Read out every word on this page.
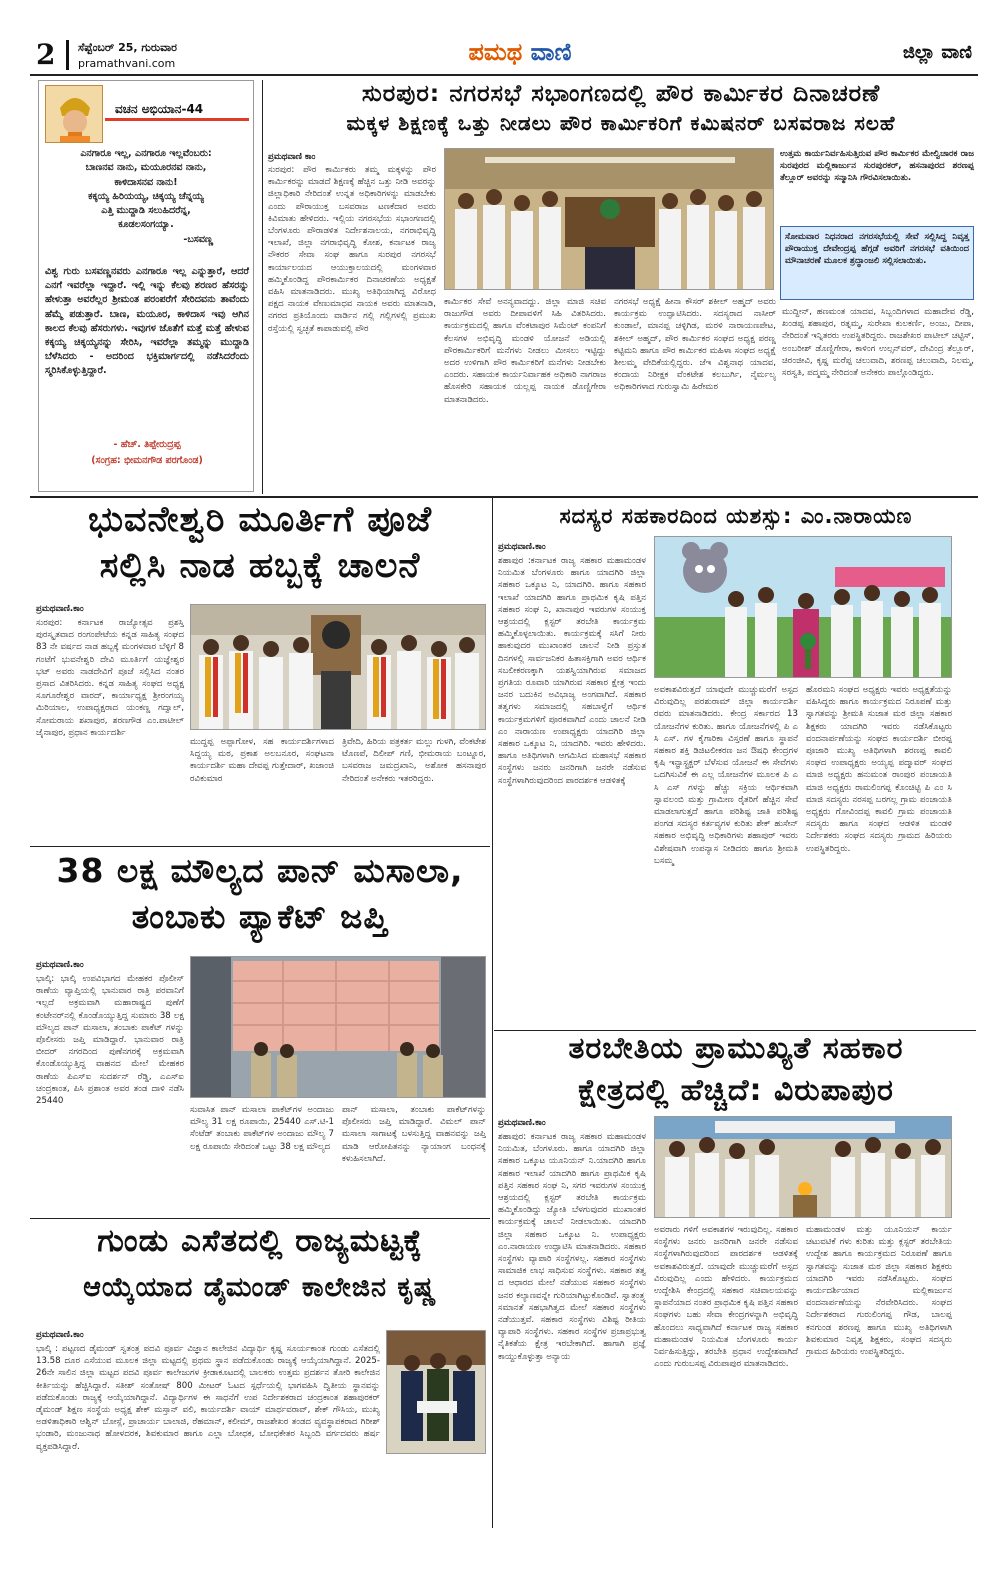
2 ಸೆಪ್ಟೆಂಬರ್ 25, ಗುರುವಾರ
pramathvani.com	ಪಮಥ ವಾಣಿ	ಜಿಲ್ಲಾ ವಾಣಿ
ವಚನ ಅಭಿಯಾನ-44
ಎನಗಾರೂ ಇಲ್ಲ, ಎನಗಾರೂ ಇಲ್ಲವೆಂಬರು:
ಬಾಣನವ ನಾನು, ಮಯೂರನವ ನಾನು,
ಕಾಳಿದಾಸನವ ನಾನು!
ಕಕ್ಕಯ್ಯ ಹಿರಿಯಯ್ಯ, ಚಿಕ್ಕಯ್ಯ ಚೆನ್ನಯ್ಯ
ಎತ್ತಿ ಮುದ್ದಾಡಿ ಸಲುಹಿದರೆನ್ನ,
ಕೂಡಲಸಂಗಯ್ಯಾ.
-ಬಸವಣ್ಣ
ವಿಶ್ವ ಗುರು ಬಸವಣ್ಣನವರು ಎನಗಾರೂ ಇಲ್ಲ ಎನ್ನುತ್ತಾರೆ, ಆದರೆ ಎನಗೆ ಇವರೆಲ್ಲಾ ಇದ್ದಾರೆ. ಇಲ್ಲಿ ಇನ್ನು ಕೆಲವು ಶರಣರ ಹೆಸರನ್ನು ಹೇಳುತ್ತಾ ಅವರೆಲ್ಲರ ಶ್ರೀಮಂತ ಪರಂಪರೆಗೆ ಸೇರಿದವನು ತಾವೆಂದು ಹೆಮ್ಮೆ ಪಡುತ್ತಾರೆ. ಬಾಣ, ಮಯೂರ, ಕಾಳಿದಾಸ ಇವು ಆಗಿನ ಕಾಲದ ಕೆಲವು ಹೆಸರುಗಳು. ಇವುಗಳ ಜೊತೆಗೆ ಮತ್ತೆ ಮತ್ತೆ ಹೇಳುವ ಕಕ್ಕಯ್ಯ ಚಿಕ್ಕಯ್ಯನನ್ನು ಸೇರಿಸಿ, ಇವರೆಲ್ಲಾ ತಮ್ಮನ್ನು ಮುದ್ದಾಡಿ ಬೆಳೆಸಿದರು - ಅದರಿಂದ ಭಕ್ತಿಮಾರ್ಗದಲ್ಲಿ ನಡೆಸಿದರೆಂದು ಸ್ಮರಿಸಿಕೊಳ್ಳುತ್ತಿದ್ದಾರೆ.
- ಹೆಚ್. ತಿಪ್ಪೇರುದ್ರಪ್ಪ
(ಸಂಗ್ರಹ: ಭೀಮನಗೌಡ ಪರಗೊಂಡ)
ಸುರಪುರ: ನಗರಸಭೆ ಸಭಾಂಗಣದಲ್ಲಿ ಪೌರ ಕಾರ್ಮಿಕರ ದಿನಾಚರಣೆ
ಮಕ್ಕಳ ಶಿಕ್ಷಣಕ್ಕೆ ಒತ್ತು ನೀಡಲು ಪೌರ ಕಾರ್ಮಿಕರಿಗೆ ಕಮಿಷನರ್ ಬಸವರಾಜ ಸಲಹೆ
ಪ್ರಮಥವಾಣಿ ಕಾಂ
ಸುರಪುರ: ಪೌರ ಕಾರ್ಮಿಕರು ತಮ್ಮ ಮಕ್ಕಳನ್ನು ಪೌರ ಕಾರ್ಮಿಕರನ್ನು ಮಾಡದೆ ಶಿಕ್ಷಣಕ್ಕೆ ಹೆಚ್ಚಿನ ಒತ್ತು ನೀಡಿ ಅವರನ್ನು ಜಿಲ್ಲಾಧಿಕಾರಿ ನೇರಿದಂತೆ ಉನ್ನತ ಅಧಿಕಾರಿಗಳನ್ನು ಮಾಡಬೇಕು ಎಂದು ಪೌರಾಯುಕ್ತ ಬಸವರಾಜ ಟಣಕೆದಾರ ಅವರು ಕಿವಿಮಾತು ಹೇಳಿದರು. ಇಲ್ಲಿಯ ನಗರಸಭೆಯ ಸಭಾಂಗಣದಲ್ಲಿ ಬೆಂಗಳೂರು ಪೌರಾಡಳಿತ ನಿರ್ದೇಶನಾಲಯ, ನಗರಾಭಿವೃದ್ಧಿ ಇಲಾಖೆ, ಜಿಲ್ಲಾ ನಗರಾಭಿವೃದ್ಧಿ ಕೋಶ, ಕರ್ನಾಟಕ ರಾಜ್ಯ ನೌಕರರ ಸೇವಾ ಸಂಘ ಹಾಗೂ ಸುರಪುರ ನಗರಸಭೆ ಕಾರ್ಯಾಲಯದ ಆಯುಕ್ತಾಲಯದಲ್ಲಿ ಮಂಗಳವಾರ ಹಮ್ಮಿಕೊಂಡಿದ್ದ ಪೌರಕಾರ್ಮಿಕರ ದಿನಾಚರಣೆಯ ಅಧ್ಯಕ್ಷತೆ ವಹಿಸಿ ಮಾತನಾಡಿದರು. ಮುಖ್ಯ ಅತಿಥಿಯಾಗಿದ್ದ ವಿರೋಧ ಪಕ್ಷದ ನಾಯಕ ವೇಣುಮಾಧವ ನಾಯಕ ಅವರು ಮಾತನಾಡಿ, ನಗರದ ಪ್ರತಿಯೊಂದು ವಾರ್ಡಿನ ಗಲ್ಲಿ ಗಲ್ಲಿಗಳಲ್ಲಿ ಪ್ರಮುಖ ರಸ್ತೆಯಲ್ಲಿ ಸ್ವಚ್ಛತೆ ಕಾಪಾಡುವಲ್ಲಿ ಪೌರ
ಉತ್ತಮ ಕಾರ್ಯನಿರ್ವಹಿಸುತ್ತಿರುವ ಪೌರ ಕಾರ್ಮಿಕರ ಮೇಲ್ವಿಚಾರಕ ರಾಜ ಸುರಪುರದ ಮಲ್ಲಿಕಾರ್ಜುನ ಸುರಪುರಕರ್, ಹಸನಾಪುರದ ಶರಣಪ್ಪ ತೆಲ್ಲೂರ್ ಅವರನ್ನು ಸನ್ಮಾನಿಸಿ ಗೌರವಿಸಲಾಯಿತು.
ಸೋಮವಾರ ನಿಧನರಾದ ನಗರಸಭೆಯಲ್ಲಿ ಸೇವೆ ಸಲ್ಲಿಸಿದ್ದ ನಿವೃತ್ತ ಪೌರಾಯುಕ್ತ ದೇವೇಂದ್ರಪ್ಪ ಹೆಗ್ಗಡೆ ಅವರಿಗೆ ನಗರಸಭೆ ವತಿಯಿಂದ ಮೌನಾಚರಣೆ ಮೂಲಕ ಶ್ರದ್ಧಾಂಜಲಿ ಸಲ್ಲಿಸಲಾಯಿತು.
ಕಾರ್ಮಿಕರ ಸೇವೆ ಅನನ್ಯವಾದದ್ದು. ಜಿಲ್ಲಾ ಮಾಜಿ ಸಚಿವ ರಾಜುಗೌಡ ಅವರು ದೀಪಾವಳಿಗೆ ಸಿಹಿ ವಿತರಿಸಿದರು. ಕಾರ್ಯಕ್ರಮದಲ್ಲಿ ಹಾಗೂ ವೆಂಕಟಾಪುರ ಸಿಮೆಂಟ್ ಕಂಪನಿಗೆ ಕೆಲಸಗಳ ಅಭಿವೃದ್ಧಿ ಮಂಡಳಿ ಯೋಜನೆ ಅಡಿಯಲ್ಲಿ ಪೌರಕಾರ್ಮಿಕರಿಗೆ ಮನೆಗಳು ನೀಡಲು ಮೀಸಲು ಇಟ್ಟಿದ್ದು ಅದರ ಉಳಿಗಾಗಿ ಪೌರ ಕಾರ್ಮಿಕರಿಗೆ ಮನೆಗಳು ನೀಡಬೇಕು ಎಂದರು. ಸಹಾಯಕ ಕಾರ್ಯನಿರ್ವಾಹಕ ಅಧಿಕಾರಿ ನಾಗರಾಜ ಹೊಸಕೇರಿ ಸಹಾಯಕ ಯಲ್ಲಪ್ಪ ನಾಯಕ ಡೊಣ್ಣಿಗೇರಾ ಮಾತನಾಡಿದರು.
ನಗರಸಭೆ ಅಧ್ಯಕ್ಷೆ ಹೀನಾ ಕೌಸರ್ ಶಕೀಲ್ ಅಹ್ಮದ್ ಅವರು ಕಾರ್ಯಕ್ರಮ ಉದ್ಘಾಟಿಸಿದರು. ಸದಸ್ಯರಾದ ನಾಸೀರ್ ಕುಂಡಾಲೆ, ಮಾನಪ್ಪ ಚಳ್ಳಿಗಿಡ, ಮರಳಿ ನಾರಾಯಣಪೇಟ, ಶಕೀಲ್ ಅಹ್ಮದ್, ಪೌರ ಕಾರ್ಮಿಕರ ಸಂಘದ ಅಧ್ಯಕ್ಷ ಪರಣ್ಣ ಕಟ್ಟಿಮನಿ ಹಾಗೂ ಪೌರ ಕಾರ್ಮಿಕರ ಮಹಿಳಾ ಸಂಘದ ಅಧ್ಯಕ್ಷೆ ಶೀಲಮ್ಮ ವೇದಿಕೆಯಲ್ಲಿದ್ದರು. ಜೆಇ ವಿಶ್ವನಾಥ ಯಾದವ, ಕಂದಾಯ ನಿರೀಕ್ಷಕ ವೆಂಕಟೇಶ ಕಲಬುರ್ಗಿ, ನೈರ್ಮಲ್ಯ ಅಧಿಕಾರಿಗಳಾದ ಗುರುಸ್ವಾಮಿ ಹಿರೇಮಠ
ಮುದ್ದೀನ್, ಹಣಮಂತ ಯಾದವ, ಸಿಬ್ಬಂದಿಗಳಾದ ಮಹಾದೇವ ರೆಡ್ಡಿ, ಖಂಡಪ್ಪ ಶಹಾಪುರ, ರತ್ನಮ್ಮ, ಸುರೇಖಾ ಕುಲಕರ್ಣಿ, ಅಂಜು, ದೀಪಾ, ನೇರಿದಂತೆ ಇನ್ನಿತರರು ಉಪಸ್ಥಿತರಿದ್ದರು. ರಾಜಶೇಖರ ಪಾಟೀಲ್ ಚಟ್ಟಿಸ್, ಅಂಬರೀಶ್ ಡೊಣ್ಣಿಗೇರಾ, ಕಾಳಿಂಗ ಉಲ್ಸನ್‌ವರ್, ದೇವಿಂದ್ರ ತೆಲ್ಲೂರ್, ಚಿರಂಜೀವಿ, ಕೃಷ್ಣ ಮರೆಪ್ಪ ಚಲುವಾದಿ, ಶರಣಪ್ಪ ಚಲುವಾದಿ, ನಿಲಮ್ಮ, ಸರಸ್ವತಿ, ಪದ್ಮಮ್ಮ ನೇರಿದಂತೆ ಅನೇಕರು ಪಾಲ್ಗೊಂಡಿದ್ದರು.
ಭುವನೇಶ್ವರಿ ಮೂರ್ತಿಗೆ ಪೂಜೆ
ಸಲ್ಲಿಸಿ ನಾಡ ಹಬ್ಬಕ್ಕೆ ಚಾಲನೆ
ಪ್ರಮಥವಾಣಿ.ಕಾಂ
ಸುರಪುರ: ಕರ್ನಾಟಕ ರಾಜ್ಯೋತ್ಸವ ಪ್ರಶಸ್ತಿ ಪುರಸ್ಕೃತವಾದ ರಂಗಂಪೇಟೆಯ ಕನ್ನಡ ಸಾಹಿತ್ಯ ಸಂಘದ 83 ನೇ ವರ್ಷದ ನಾಡ ಹಬ್ಬಕ್ಕೆ ಮಂಗಳವಾರ ಬೆಳ್ಳಿಗೆ 8 ಗಂಟೆಗೆ ಭುವನೇಶ್ವರಿ ದೇವಿ ಮೂರ್ತಿಗೆ ಯಜ್ಞೇಶ್ವರ ಭಟ್ ಅವರು ನಾಡದೇವಿಗೆ ಪೂಜೆ ಸಲ್ಲಿಸಿದ ನಂತರ ಪ್ರಸಾದ ವಿತರಿಸಿದರು. ಕನ್ನಡ ಸಾಹಿತ್ಯ ಸಂಘದ ಅಧ್ಯಕ್ಷ ಸೂಗೂರೇಶ್ವರ ವಾರದ್, ಕಾರ್ಯಾಧ್ಯಕ್ಷ ಶ್ರೀರಂಗಯ್ಯ ಮಿರಿಯಾಲ, ಉಪಾಧ್ಯಕ್ಷರಾದ ಯಂಕಣ್ಣ ಗದ್ವಾಲ್, ಸೋಮರಾಯ ಶಖಾಪುರ, ಶರಣಗೌಡ ಎಂ.ಪಾಟೀಲ್ ಜೈನಾಪುರ, ಪ್ರಧಾನ ಕಾರ್ಯದರ್ಶಿ
ಮುದ್ದಪ್ಪ ಅಪ್ಪಾಗೋಳ, ಸಹ ಕಾರ್ಯದರ್ಶಿಗಳಾದ ಸಿದ್ದಯ್ಯ ಮಠ, ಪ್ರಕಾಶ ಅಲಬನೂರ, ಸಂಘಟನಾ ಕಾರ್ಯದರ್ಶಿ ಮಹಾ ದೇವಪ್ಪ ಗುತ್ತೇದಾರ್, ಖಜಾಂಚಿ ರವಿಕುಮಾರ
ತ್ರಿವೇದಿ, ಹಿರಿಯ ಪತ್ರಕರ್ತ ಮಲ್ಲು ಗುಳಗಿ, ವೆಂಕಟೇಶ ಟೊಣಪೆ, ದಿಲೀಪ್ ಗಣಿ, ಭೀಮರಾಯ ಬಂಟ್ನೂರ, ಬಸವರಾಜ ಜಮದ್ರಖಾನಿ, ಅಶೋಕ ಹಸನಾಪುರ ನೇರಿದಂತೆ ಅನೇಕರು ಇತರರಿದ್ದರು.
38 ಲಕ್ಷ ಮೌಲ್ಯದ ಪಾನ್ ಮಸಾಲಾ,
ತಂಬಾಕು ಪ್ಯಾಕೆಟ್ ಜಪ್ತಿ
ಪ್ರಮಥವಾಣಿ.ಕಾಂ
ಭಾಲ್ಕಿ: ಭಾಲ್ಕಿ ಉಪವಿಭಾಗದ ಮೇಹಕರ ಪೊಲೀಸ್ ಠಾಣೆಯ ವ್ಯಾಪ್ತಿಯಲ್ಲಿ ಭಾನುವಾರ ರಾತ್ರಿ ಪರವಾನಿಗೆ ಇಲ್ಲದೆ ಅಕ್ರಮವಾಗಿ ಮಹಾರಾಷ್ಟ್ರದ ಪುಣೆಗೆ ಕಂಟೇನರ್‌ನಲ್ಲಿ ಕೊಂಡೊಯ್ಯುತ್ತಿದ್ದ ಸುಮಾರು 38 ಲಕ್ಷ ಮೌಲ್ಯದ ಪಾನ್ ಮಸಾಲಾ, ತಂಬಾಕು ಪಾಕೆಟ್ ಗಳನ್ನು ಪೊಲೀಸರು ಜಪ್ತಿ ಮಾಡಿದ್ದಾರೆ. ಭಾನುವಾರ ರಾತ್ರಿ ಬೀದರ್ ನಗರದಿಂದ ಪುಣೆನಗರಕ್ಕೆ ಅಕ್ರಮವಾಗಿ ಕೊಂಡೊಯ್ಯುತ್ತಿದ್ದ ವಾಹನದ ಮೇಲೆ ಮೇಹಕರ ಠಾಣೆಯ ಪಿಎಸ್ಐ ಸುದರ್ಶನ್ ರೆಡ್ಡಿ, ಎಎಸ್ಐ ಚಂದ್ರಕಾಂತ, ಪಿಸಿ ಪ್ರಶಾಂತ ಅವರ ತಂಡ ದಾಳಿ ನಡೆಸಿ 25440
ಸುವಾಸಿತ ಪಾನ್ ಮಸಾಲಾ ಪಾಕೆಟ್‌ಗಳ ಅಂದಾಜು ಮೌಲ್ಯ 31 ಲಕ್ಷ ರೂಪಾಯಿ, 25440 ಎಸ್.ಟಿ-1 ಸೆಂಟೆಡ್ ತಂಬಾಕು ಪಾಕೆಟ್‌ಗಳ ಅಂದಾಜು ಮೌಲ್ಯ 7 ಲಕ್ಷ ರೂಪಾಯಿ ಸೇರಿದಂತೆ ಒಟ್ಟು 38 ಲಕ್ಷ ಮೌಲ್ಯದ
ಪಾನ್ ಮಸಾಲಾ, ತಂಬಾಕು ಪಾಕೆಟ್‌ಗಳನ್ನು ಪೊಲೀಸರು ಜಪ್ತಿ ಮಾಡಿದ್ದಾರೆ. ವಿಮಲ್ ಪಾನ್ ಮಸಾಲಾ ಸಾಗಾಟಕ್ಕೆ ಬಳಸುತ್ತಿದ್ದ ವಾಹನವನ್ನು ಜಪ್ತಿ ಮಾಡಿ ಆರೋಪಿತನನ್ನು ನ್ಯಾಯಾಂಗ ಬಂಧನಕ್ಕೆ ಕಳುಹಿಸಲಾಗಿದೆ.
ಗುಂಡು ಎಸೆತದಲ್ಲಿ ರಾಜ್ಯಮಟ್ಟಕ್ಕೆ
ಆಯ್ಕೆಯಾದ ಡೈಮಂಡ್ ಕಾಲೇಜಿನ ಕೃಷ್ಣ
ಪ್ರಮಥವಾಣಿ.ಕಾಂ
ಭಾಲ್ಕಿ : ಪಟ್ಟಣದ ಡೈಮಂಡ್ ಸ್ವತಂತ್ರ ಪದವಿ ಪೂರ್ವ ವಿಜ್ಞಾನ ಕಾಲೇಜಿನ ವಿದ್ಯಾರ್ಥಿ ಕೃಷ್ಣ ಸೂರ್ಯಕಾಂತ ಗುಂಡು ಎಸೆತದಲ್ಲಿ 13.58 ದೂರ ಎಸೆಯುವ ಮೂಲಕ ಜಿಲ್ಲಾ ಮಟ್ಟದಲ್ಲಿ ಪ್ರಥಮ ಸ್ಥಾನ ಪಡೆದುಕೊಂಡು ರಾಜ್ಯಕ್ಕೆ ಆಯ್ಕೆಯಾಗಿದ್ದಾನೆ. 2025-26ನೇ ಸಾಲಿನ ಜಿಲ್ಲಾ ಮಟ್ಟದ ಪದವಿ ಪೂರ್ವ ಕಾಲೇಜುಗಳ ಕ್ರೀಡಾಕೂಟದಲ್ಲಿ ಬಾಲಕರು ಉತ್ತಮ ಪ್ರದರ್ಶನ ತೋರಿ ಕಾಲೇಜಿನ ಕೀರ್ತಿಯನ್ನು ಹೆಚ್ಚಿಸಿದ್ದಾರೆ. ಸತೀಶ್ ಸಂತೋಷ್ 800 ಮೀಟರ್ ಓಟದ ಸ್ಪರ್ಧೆಯಲ್ಲಿ ಭಾಗವಹಿಸಿ ದ್ವಿತೀಯ ಸ್ಥಾನವನ್ನು ಪಡೆದುಕೊಂಡು ರಾಜ್ಯಕ್ಕೆ ಆಯ್ಕೆಯಾಗಿದ್ದಾನೆ. ವಿದ್ಯಾರ್ಥಿಗಳ ಈ ಸಾಧನೆಗೆ ಉಪ ನಿರ್ದೇಶಕರಾದ ಚಂದ್ರಕಾಂತ ಶಹಾಪುರಕರ್ ಡೈಮಂಡ್ ಶಿಕ್ಷಣ ಸಂಸ್ಥೆಯ ಅಧ್ಯಕ್ಷ ಶೇಕ್ ಮಸ್ತಾನ್ ವಲಿ, ಕಾರ್ಯದರ್ಶಿ ವಾಯ್ ಮಾರ್ಥವರಾವ್, ಶೇಕ್ ಗೌಸಿಯ, ಮುಖ್ಯ ಅಡಳಿತಾಧಿಕಾರಿ ಆಶ್ವಿನ್ ಬೋಸ್ಲೆ, ಪ್ರಾಚಾರ್ಯ ಬಾಲಾಜಿ, ರೆಹಮಾನ್, ಕಲೀಮ್, ರಾಜಶೇಖರ ತಂಡದ ವ್ಯವಸ್ಥಾಪಕರಾದ ಗಿರೀಶ್ ಭಂಡಾರಿ, ಮಂಜುನಾಥ ಹೋಳದರಕ, ಶಿವಕುಮಾರ ಹಾಗೂ ಎಲ್ಲಾ ಬೋಧಕ, ಬೋಧಕೇತರ ಸಿಬ್ಬಂದಿ ವರ್ಗದವರು ಹರ್ಷ ವ್ಯಕ್ತಪಡಿಸಿದ್ದಾರೆ.
ಸದಸ್ಯರ ಸಹಕಾರದಿಂದ ಯಶಸ್ಸು: ಎಂ.ನಾರಾಯಣ
ಪ್ರಮಥವಾಣಿ.ಕಾಂ
ಶಹಾಪುರ :ಕರ್ನಾಟಕ ರಾಜ್ಯ ಸಹಕಾರ ಮಹಾಮಂಡಳ ನಿಯಮಿತ ಬೆಂಗಳೂರು ಹಾಗೂ ಯಾದಗಿರಿ ಜಿಲ್ಲಾ ಸಹಕಾರ ಒಕ್ಕೂಟ ನಿ, ಯಾದಗಿರಿ. ಹಾಗೂ ಸಹಕಾರ ಇಲಾಖೆ ಯಾದಗಿರಿ ಹಾಗೂ ಪ್ರಾಥಮಿಕ ಕೃಷಿ ಪತ್ತಿನ ಸಹಕಾರ ಸಂಘ ನಿ, ಖಾನಾಪುರ ಇವರುಗಳ ಸಂಯುಕ್ತ ಆಶ್ರಯದಲ್ಲಿ ಕ್ಲಸ್ಟರ್ ತರಬೇತಿ ಕಾರ್ಯಕ್ರಮ ಹಮ್ಮಿಕೊಳ್ಳಲಾಯಿತು. ಕಾರ್ಯಕ್ರಮಕ್ಕೆ ಸಸಿಗೆ ನೀರು ಹಾಕುವುದರ ಮುಖಾಂತರ ಚಾಲನೆ ನೀಡಿ ಪ್ರಸ್ತುತ ದಿನಗಳಲ್ಲಿ ಸಾರ್ವಜನಿಕರ ಹಿತಾಸಕ್ತಿಗಾಗಿ ಅವರ ಆರ್ಥಿಕ ಸಬಲೀಕರಣಕ್ಕಾಗಿ ಯಶಸ್ವಿಯಾಗಿರುವ ಸಮಾಜದ ಪ್ರಗತಿಯ ರೂವಾರಿ ಯಾಗಿರುವ ಸಹಕಾರ ಕ್ಷೇತ್ರ ಇಂದು ಜನರ ಬದುಕಿನ ಅವಿಭಾಜ್ಯ ಅಂಗವಾಗಿದೆ. ಸಹಕಾರ ತತ್ವಗಳು ಸಮಾಜದಲ್ಲಿ ಸಹಬಾಳ್ವೆಗೆ ಆರ್ಥಿಕ ಕಾರ್ಯಕ್ರಮಗಳಿಗೆ ಪೂರಕವಾಗಿದೆ ಎಂದು ಚಾಲನೆ ನೀಡಿ ಎಂ ನಾರಾಯಣ ಉಪಾಧ್ಯಕ್ಷರು ಯಾದಗಿರಿ ಜಿಲ್ಲಾ ಸಹಕಾರ ಒಕ್ಕೂಟ ನಿ, ಯಾದಗಿರಿ. ಇವರು ಹೇಳಿದರು. ಹಾಗೂ ಅತಿಥಿಗಳಾಗಿ ಆಗಮಿಸಿದ ಮಹಾಸಭೆ ಸಹಕಾರ ಸಂಸ್ಥೆಗಳು ಜನರು ಜನರಿಗಾಗಿ ಜನರೇ ನಡೆಸುವ ಸಂಸ್ಥೆಗಳಾಗಿರುವುದರಿಂದ ಪಾರದರ್ಶಕ ಆಡಳಿತಕ್ಕೆ
ಅವಕಾಶವಿರುತ್ತದೆ ಯಾವುದೇ ಮುಚ್ಚುಮರೆಗೆ ಅಸ್ಪದ ವಿರುವುದಿಲ್ಲ ಪರಶುರಾಮ್ ಜಿಲ್ಲಾ ಕಾರ್ಯದರ್ಶಿ ರವರು ಮಾತನಾಡಿದರು. ಕೇಂದ್ರ ಸರ್ಕಾರದ 13 ಯೋಜನೆಗಳ ಕುರಿತು. ಹಾಗೂ ಯೋಜನೆಗಳಲ್ಲಿ ಪಿ ಎ ಸಿ ಎಸ್. ಗಳ ಕೈಗಾರಿಕಾ ವಿಸ್ತರಣೆ ಹಾಗೂ ಸ್ಥಾಪನೆ ಸಹಕಾರ ಶಕ್ತಿ ಡಿಜಿಟಲೀಕರಣ ಜನ ಔಷಧಿ ಕೇಂದ್ರಗಳ ಕೃಷಿ ಇನ್ಫ್ರಾಸ್ಟ್ರಕ್ಚರ್ ಬೆಳೆಸುವ ಯೋಜನೆ ಈ ಸೇವೆಗಳು ಒದಗಿಸುವಿಕೆ ಈ ಎಲ್ಲ ಯೋಜನೆಗಳ ಮೂಲಕ ಪಿ ಎ ಸಿ ಎಸ್ ಗಳನ್ನು ಹೆಚ್ಚು ಸಕ್ರಿಯ ಆರ್ಥಿಕವಾಗಿ ಸ್ವಾವಲಂಬಿ ಮತ್ತು ಗ್ರಾಮೀಣ ರೈತರಿಗೆ ಹೆಚ್ಚಿನ ಸೇವೆ ಮಾಡಲಾಗುತ್ತದೆ ಹಾಗೂ ಪರಿಶಿಷ್ಟ ಜಾತಿ ಪರಿಶಿಷ್ಟ ಪಂಗಡ ಸದಸ್ಯರ ಕರ್ತವ್ಯಗಳ ಕುರಿತು ಶೇಕ್ ಹುಸೇನ್ ಸಹಕಾರ ಅಭಿವೃದ್ಧಿ ಅಧಿಕಾರಿಗಳು ಶಹಾಪುರ್ ಇವರು ವಿಶೇಷವಾಗಿ ಉಪನ್ಯಾಸ ನೀಡಿದರು ಹಾಗೂ ಶ್ರೀಮತಿ ಬಸಮ್ಮ
ಹೊರಮನಿ ಸಂಘದ ಅಧ್ಯಕ್ಷರು ಇವರು ಅಧ್ಯಕ್ಷತೆಯನ್ನು ವಹಿಸಿದ್ದರು ಹಾಗೂ ಕಾರ್ಯಕ್ರಮದ ನಿರೂಪಣೆ ಮತ್ತು ಸ್ವಾಗತವನ್ನು ಶ್ರೀಮತಿ ಸುಜಾತ ಮಠ ಜಿಲ್ಲಾ ಸಹಕಾರ ಶಿಕ್ಷಕರು ಯಾದಗಿರಿ ಇವರು ನಡೆಸಿಕೊಟ್ಟರು ವಂದನಾರ್ಪಣೆಯನ್ನು ಸಂಘದ ಕಾರ್ಯದರ್ಶಿ ಬೀರಪ್ಪ ಪೂಜಾರಿ ಮುಖ್ಯ ಅತಿಥಿಗಳಾಗಿ ಶರಣಪ್ಪ ಕಾವಲಿ ಸಂಘದ ಉಪಾಧ್ಯಕ್ಷರು ಅಯ್ಯಪ್ಪ ಪದ್ಮಾವರ್ ಸಂಘದ ಮಾಜಿ ಅಧ್ಯಕ್ಷರು ಹನುಮಂತ ರಾಂಪುರ ಪಂಚಾಯತಿ ಮಾಜಿ ಅಧ್ಯಕ್ಷರು ರಾಮಲಿಂಗಪ್ಪ ಕೊಂಚಿಟ್ಟಿ ಪಿ ಎಂ ಸಿ ಮಾಜಿ ಸದಸ್ಯರು ನರಸಪ್ಪ ಬರಗಲ್ಲ ಗ್ರಾಮ ಪಂಚಾಯತಿ ಅಧ್ಯಕ್ಷರು ಗೋವಿಂದಪ್ಪ ಕಾವಲಿ ಗ್ರಾಮ ಪಂಚಾಯತಿ ಸದಸ್ಯರು ಹಾಗೂ ಸಂಘದ ಆಡಳಿತ ಮಂಡಳಿ ನಿರ್ದೇಶಕರು ಸಂಘದ ಸದಸ್ಯರು ಗ್ರಾಮದ ಹಿರಿಯರು ಉಪಸ್ಥಿತರಿದ್ದರು.
ತರಬೇತಿಯ ಪ್ರಾಮುಖ್ಯತೆ ಸಹಕಾರ
ಕ್ಷೇತ್ರದಲ್ಲಿ ಹೆಚ್ಚಿದೆ: ವಿರುಪಾಪುರ
ಪ್ರಮಥವಾಣಿ.ಕಾಂ
ಶಹಾಪುರ: ಕರ್ನಾಟಕ ರಾಜ್ಯ ಸಹಕಾರ ಮಹಾಮಂಡಳ ನಿಯಮಿತ, ಬೆಂಗಳೂರು. ಹಾಗೂ ಯಾದಗಿರಿ ಜಿಲ್ಲಾ ಸಹಕಾರ ಒಕ್ಕೂಟ ಯೂನಿಯನ್ ನಿ.ಯಾದಗಿರಿ ಹಾಗೂ ಸಹಕಾರ ಇಲಾಖೆ ಯಾದಗಿರಿ ಹಾಗೂ ಪ್ರಾಥಮಿಕ ಕೃಷಿ ಪತ್ತಿನ ಸಹಕಾರ ಸಂಘ ನಿ, ಸಗರ ಇವರುಗಳ ಸಂಯುಕ್ತ ಆಶ್ರಯದಲ್ಲಿ ಕ್ಲಸ್ಟರ್ ತರಬೇತಿ ಕಾರ್ಯಕ್ರಮ ಹಮ್ಮಿಕೊಂಡಿದ್ದು ಜ್ಯೋತಿ ಬೆಳಗುವುದರ ಮುಖಾಂತರ ಕಾರ್ಯಕ್ರಮಕ್ಕೆ ಚಾಲನೆ ನೀಡಲಾಯಿತು. ಯಾದಗಿರಿ ಜಿಲ್ಲಾ ಸಹಕಾರ ಒಕ್ಕೂಟ ನಿ. ಉಪಾಧ್ಯಕ್ಷರು ಎಂ.ನಾರಾಯಣ ಉದ್ಘಾಟಿಸಿ ಮಾತನಾಡಿದರು. ಸಹಕಾರ ಸಂಸ್ಥೆಗಳು ವ್ಯಾಪಾರಿ ಸಂಸ್ಥೆಗಳಲ್ಲ. ಸಹಕಾರ ಸಂಸ್ಥೆಗಳು ಸಾಮಾಜಿಕ ಲಾಭ ಸಾಧಿಸುವ ಸಂಸ್ಥೆಗಳು. ಸಹಕಾರ ತತ್ವ ದ ಆಧಾರದ ಮೇಲೆ ನಡೆಯುವ ಸಹಕಾರ ಸಂಸ್ಥೆಗಳು ಜನರ ಕಲ್ಯಾಣವನ್ನೇ ಗುರಿಯಾಗಿಟ್ಟುಕೊಂಡಿವೆ. ಸ್ವಾತಂತ್ರ್ಯ ಸಮಾನತೆ ಸಹಭಾಗಿತ್ವದ ಮೇಲೆ ಸಹಕಾರ ಸಂಸ್ಥೆಗಳು ನಡೆಯುತ್ತವೆ. ಸಹಕಾರ ಸಂಸ್ಥೆಗಳು ವಿಶಿಷ್ಟ ರೀತಿಯ ವ್ಯಾಪಾರಿ ಸಂಸ್ಥೆಗಳು. ಸಹಕಾರ ಸಂಸ್ಥೆಗಳ ಪ್ರಜಾಪ್ರಭುತ್ವ ನೈತಿಕತೆಯ ಕ್ಷೇತ್ರ ಇರಬೇಕಾಗಿದೆ. ಹಾಗಾಗಿ ಪ್ರಜ್ಞೆ ಕಾಯ್ದುಕೊಳ್ಳುತ್ತಾ ಅನ್ಯಾಯ
ಅವರಾರು ಗಳಿಗೆ ಅವಕಾಶಗಳ ಇರುವುದಿಲ್ಲ. ಸಹಕಾರ ಸಂಸ್ಥೆಗಳು ಜನರು ಜನರಿಗಾಗಿ ಜನರೇ ನಡೆಸುವ ಸಂಸ್ಥೆಗಳಾಗಿರುವುದರಿಂದ ಪಾರದರ್ಶಕ ಆಡಳಿತಕ್ಕೆ ಅವಕಾಶವಿರುತ್ತದೆ. ಯಾವುದೇ ಮುಚ್ಚುಮರೆಗೆ ಅಸ್ಪದ ವಿರುವುದಿಲ್ಲ ಎಂದು ಹೇಳಿದರು. ಕಾರ್ಯಕ್ರಮದ ಉದ್ದೇಶಿಸಿ ಕೇಂದ್ರದಲ್ಲಿ ಸಹಕಾರ ಸಚಿವಾಲಯವನ್ನು ಸ್ಥಾಪನೆಯಾದ ನಂತರ ಪ್ರಾಥಮಿಕ ಕೃಷಿ ಪತ್ತಿನ ಸಹಕಾರ ಸಂಘಗಳು ಬಹು ಸೇವಾ ಕೇಂದ್ರಗಳನ್ನಾಗಿ ಅಭಿವೃದ್ಧಿ ಹೊಂದಲು ಸಾಧ್ಯವಾಗಿದೆ ಕರ್ನಾಟಕ ರಾಜ್ಯ ಸಹಕಾರ ಮಹಾಮಂಡಳ ನಿಯಮಿತ ಬೆಂಗಳೂರು ಕಾರ್ಯ ನಿರ್ವಹಿಸುತ್ತಿದ್ದು, ತರಬೇತಿ ಪ್ರಧಾನ ಉದ್ದೇಶವಾಗಿದೆ ಎಂದು ಗುರುಬಸಪ್ಪ ವಿರುಪಾಪುರ ಮಾತನಾಡಿದರು.
ಮಹಾಮಂಡಳ ಮತ್ತು ಯೂನಿಯನ್ ಕಾರ್ಯ ಚಟುವಟಿಕೆ ಗಳು ಕುರಿತು ಮತ್ತು ಕ್ಲಸ್ಟರ್ ತರಬೇತಿಯ ಉದ್ದೇಶ ಹಾಗೂ ಕಾರ್ಯಕ್ರಮದ ನಿರೂಪಣೆ ಹಾಗೂ ಸ್ವಾಗತವನ್ನು ಸುಜಾತ ಮಠ ಜಿಲ್ಲಾ ಸಹಕಾರ ಶಿಕ್ಷಕರು ಯಾದಗಿರಿ ಇವರು ನಡೆಸಿಕೊಟ್ಟರು. ಸಂಘದ ಕಾರ್ಯದರ್ಶಿಯಾದ ಮಲ್ಲಿಕಾರ್ಜುನ ವಂದನಾರ್ಪಣೆಯನ್ನು ನೆರವೇರಿಸಿದರು. ಸಂಘದ ನಿರ್ದೇಶಕರಾದ ಗುರುಲಿಂಗಪ್ಪ ಗೌಡ, ಬಾಲಪ್ಪ ಕನಗುಂಡ ಶರಣಪ್ಪ ಹಾಗೂ ಮುಖ್ಯ ಅತಿಥಿಗಳಾಗಿ ಶಿವಕುಮಾರ ನಿವೃತ್ತ ಶಿಕ್ಷಕರು, ಸಂಘದ ಸದಸ್ಯರು ಗ್ರಾಮದ ಹಿರಿಯರು ಉಪಸ್ಥಿತರಿದ್ದರು.
